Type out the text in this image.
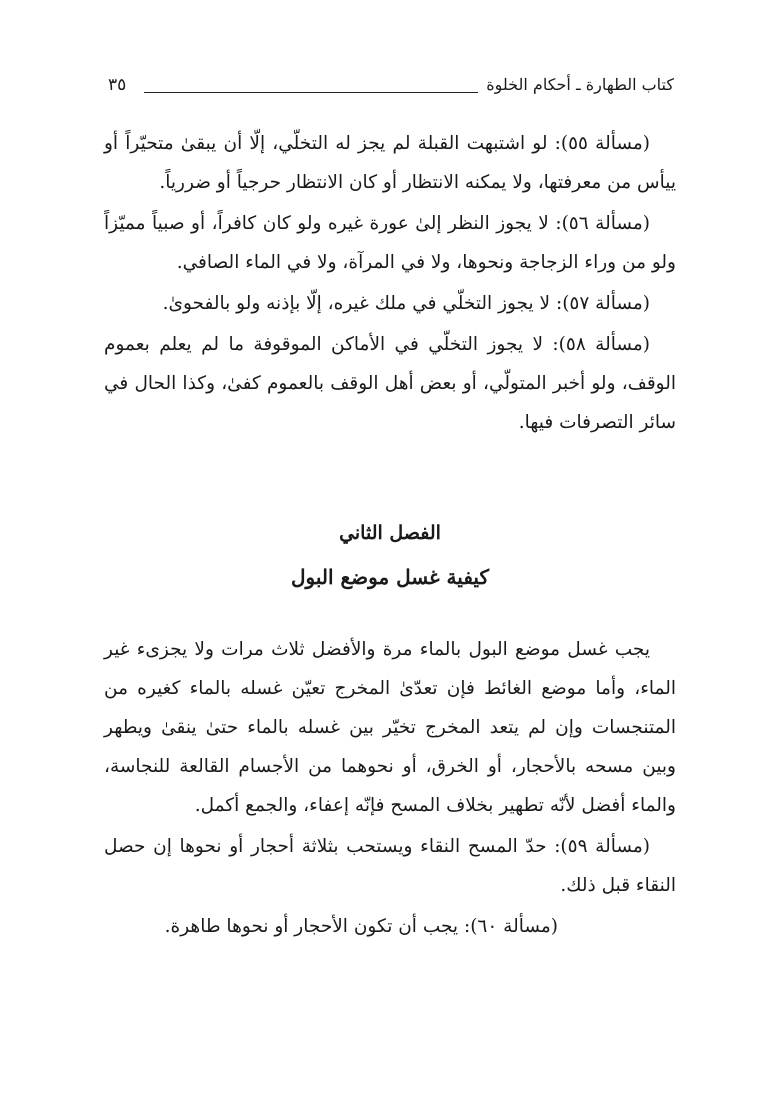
كتاب الطهارة ـ أحكام الخلوة
٣٥

(مسألة ٥٥): لو اشتبهت القبلة لم يجز له التخلّي، إلّا أن يبقىٰ متحيّراً أو ييأس من معرفتها، ولا يمكنه الانتظار أو كان الانتظار حرجياً أو ضررياً.

(مسألة ٥٦): لا يجوز النظر إلىٰ عورة غيره ولو كان كافراً، أو صبياً مميّزاً ولو من وراء الزجاجة ونحوها، ولا في المرآة، ولا في الماء الصافي.

(مسألة ٥٧): لا يجوز التخلّي في ملك غيره، إلّا بإذنه ولو بالفحوىٰ.

(مسألة ٥٨): لا يجوز التخلّي في الأماكن الموقوفة ما لم يعلم بعموم الوقف، ولو أخبر المتولّي، أو بعض أهل الوقف بالعموم كفىٰ، وكذا الحال في سائر التصرفات فيها.

الفصل الثاني

كيفية غسل موضع البول

يجب غسل موضع البول بالماء مرة والأفضل ثلاث مرات ولا يجزىء غير الماء، وأما موضع الغائط فإن تعدّىٰ المخرج تعيّن غسله بالماء كغيره من المتنجسات وإن لم يتعد المخرج تخيّر بين غسله بالماء حتىٰ ينقىٰ ويطهر وبين مسحه بالأحجار، أو الخرق، أو نحوهما من الأجسام القالعة للنجاسة، والماء أفضل لأنّه تطهير بخلاف المسح فإنّه إعفاء، والجمع أكمل.

(مسألة ٥٩): حدّ المسح النقاء ويستحب بثلاثة أحجار أو نحوها إن حصل النقاء قبل ذلك.

(مسألة ٦٠): يجب أن تكون الأحجار أو نحوها طاهرة.
